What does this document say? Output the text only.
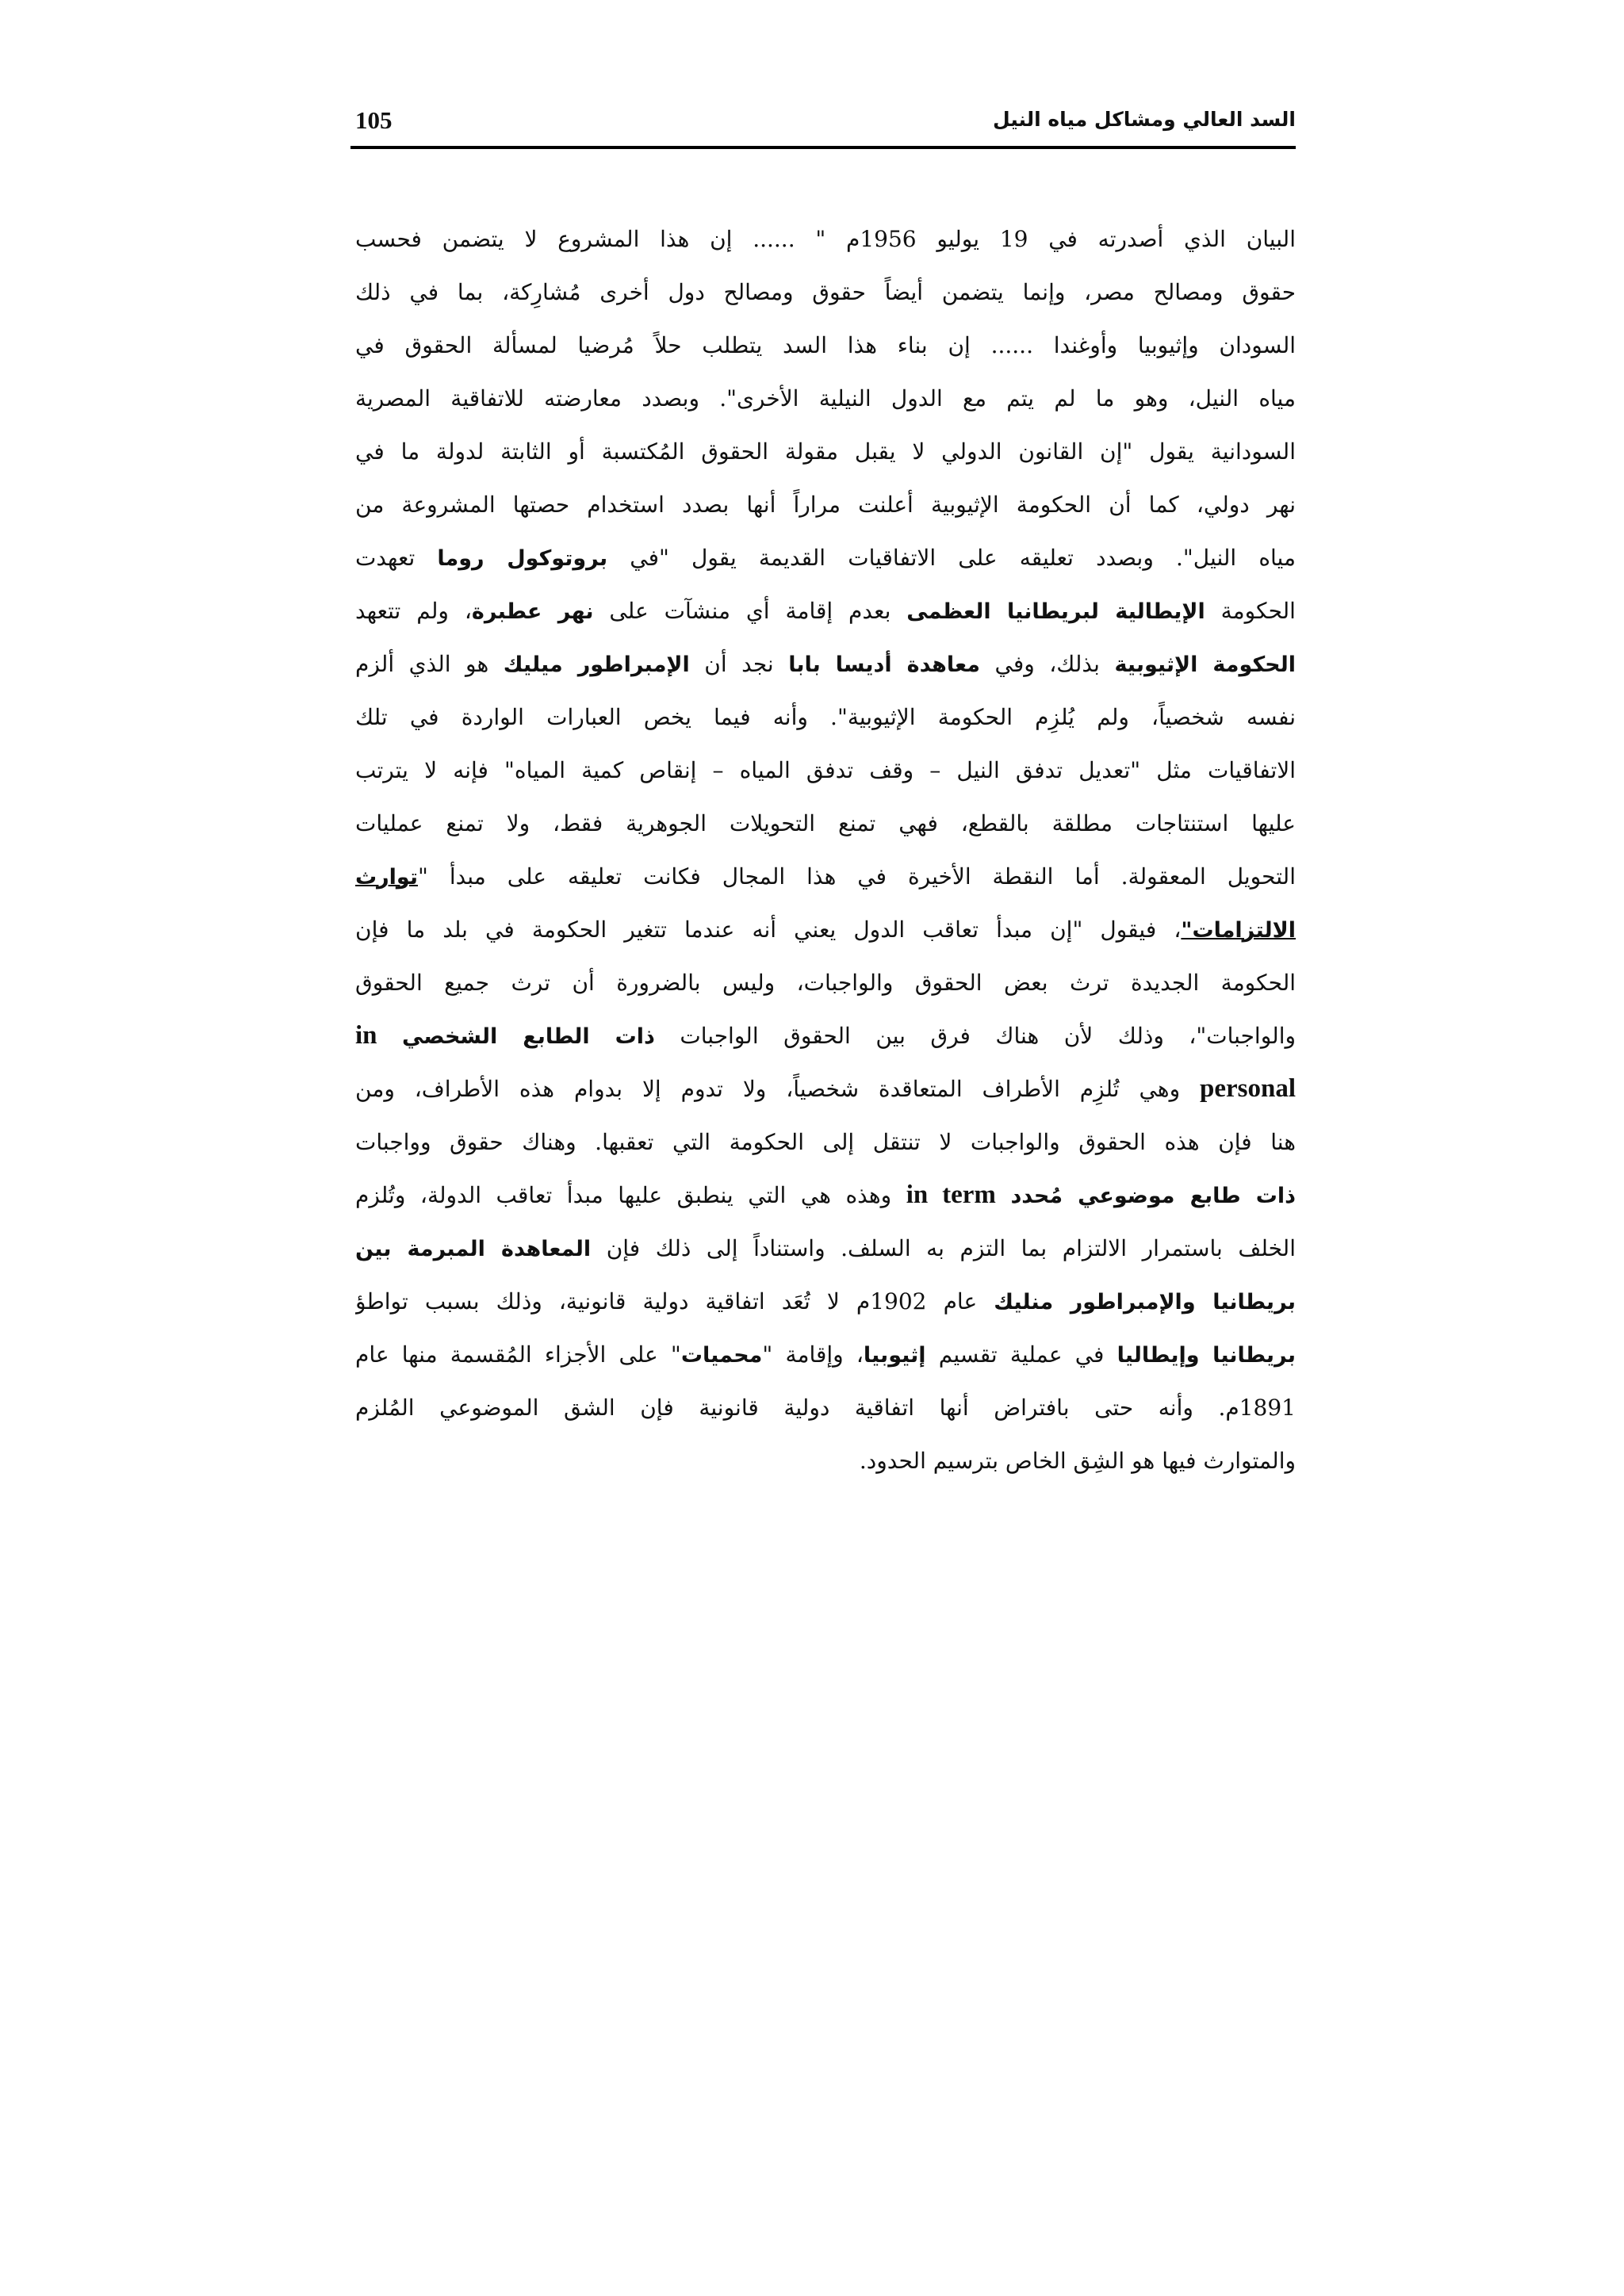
السد العالي ومشاكل مياه النيل
105
البيان الذي أصدرته في 19 يوليو 1956م " ...... إن هذا المشروع لا يتضمن فحسب
حقوق ومصالح مصر، وإنما يتضمن أيضاً حقوق ومصالح دول أخرى مُشارِكة، بما في ذلك
السودان وإثيوبيا وأوغندا ...... إن بناء هذا السد يتطلب حلاً مُرضيا لمسألة الحقوق في
مياه النيل، وهو ما لم يتم مع الدول النيلية الأخرى". وبصدد معارضته للاتفاقية المصرية
السودانية يقول "إن القانون الدولي لا يقبل مقولة الحقوق المُكتسبة أو الثابتة لدولة ما في
نهر دولي، كما أن الحكومة الإثيوبية أعلنت مراراً أنها بصدد استخدام حصتها المشروعة من
مياه النيل". وبصدد تعليقه على الاتفاقيات القديمة يقول "في بروتوكول روما تعهدت
الحكومة الإيطالية لبريطانيا العظمى بعدم إقامة أي منشآت على نهر عطبرة، ولم تتعهد
الحكومة الإثيوبية بذلك، وفي معاهدة أديسا بابا نجد أن الإمبراطور ميليك هو الذي ألزم
نفسه شخصياً، ولم يُلزِم الحكومة الإثيوبية". وأنه فيما يخص العبارات الواردة في تلك
الاتفاقيات مثل "تعديل تدفق النيل – وقف تدفق المياه – إنقاص كمية المياه" فإنه لا يترتب
عليها استنتاجات مطلقة بالقطع، فهي تمنع التحويلات الجوهرية فقط، ولا تمنع عمليات
التحويل المعقولة. أما النقطة الأخيرة في هذا المجال فكانت تعليقه على مبدأ "توارث
الالتزامات"، فيقول "إن مبدأ تعاقب الدول يعني أنه عندما تتغير الحكومة في بلد ما فإن
الحكومة الجديدة ترث بعض الحقوق والواجبات، وليس بالضرورة أن ترث جميع الحقوق
والواجبات"، وذلك لأن هناك فرق بين الحقوق الواجبات ذات الطابع الشخصي in
personal وهي تُلزِم الأطراف المتعاقدة شخصياً، ولا تدوم إلا بدوام هذه الأطراف، ومن
هنا فإن هذه الحقوق والواجبات لا تنتقل إلى الحكومة التي تعقبها. وهناك حقوق وواجبات
ذات طابع موضوعي مُحدد in term وهذه هي التي ينطبق عليها مبدأ تعاقب الدولة، وتُلزم
الخلف باستمرار الالتزام بما التزم به السلف. واستناداً إلى ذلك فإن المعاهدة المبرمة بين
بريطانيا والإمبراطور منليك عام 1902م لا تُعَد اتفاقية دولية قانونية، وذلك بسبب تواطؤ
بريطانيا وإيطاليا في عملية تقسيم إثيوبيا، وإقامة "محميات" على الأجزاء المُقسمة منها عام
1891م. وأنه حتى بافتراض أنها اتفاقية دولية قانونية فإن الشق الموضوعي المُلزم
والمتوارث فيها هو الشِق الخاص بترسيم الحدود.
